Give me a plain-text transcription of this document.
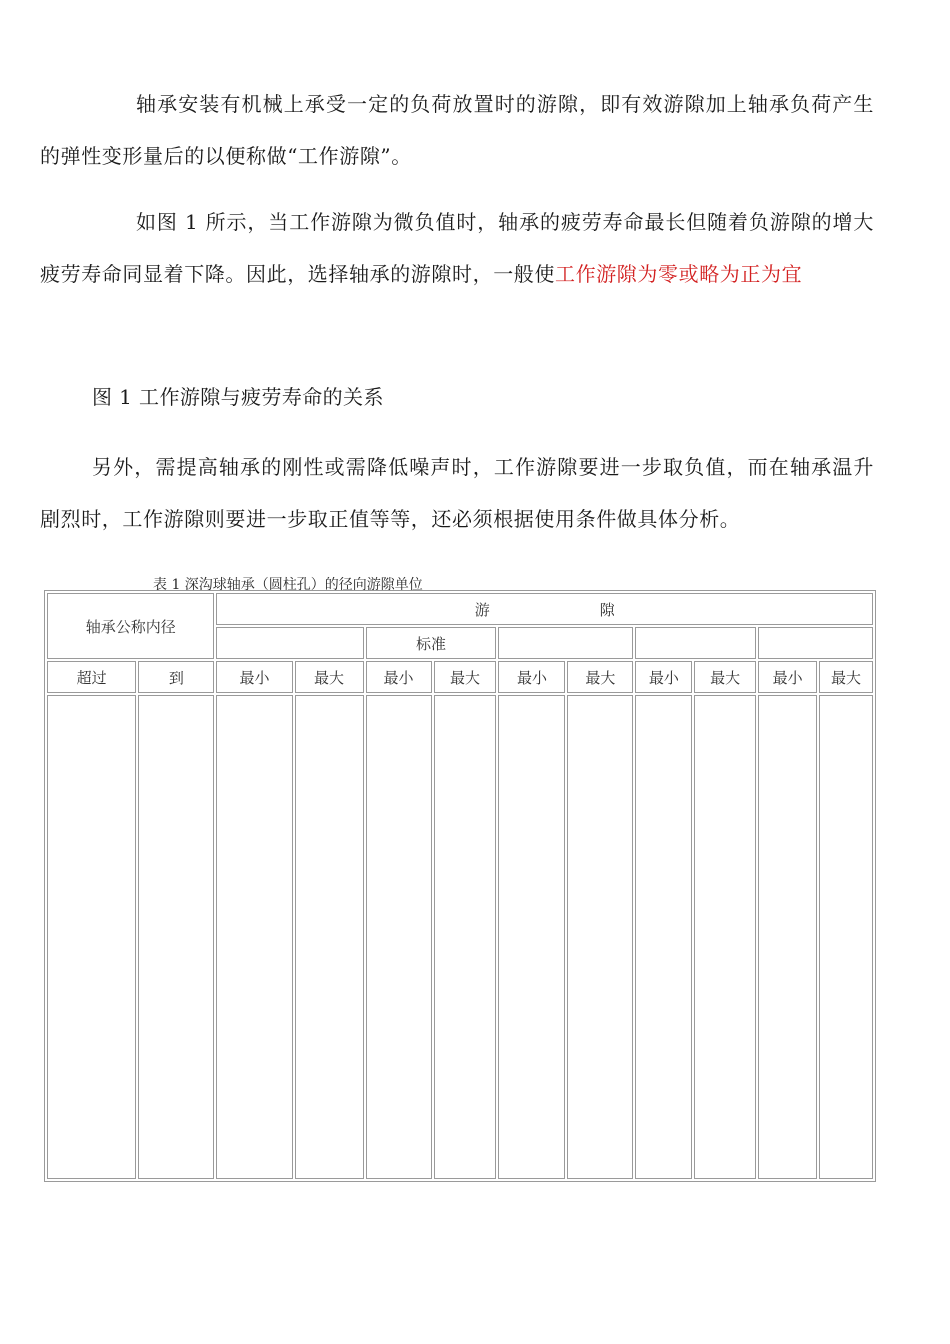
轴承安装有机械上承受一定的负荷放置时的游隙，即有效游隙加上轴承负荷产生的弹性变形量后的以便称做“工作游隙”。

如图 1 所示，当工作游隙为微负值时，轴承的疲劳寿命最长但随着负游隙的增大疲劳寿命同显着下降。因此，选择轴承的游隙时，一般使工作游隙为零或略为正为宜

图 1 工作游隙与疲劳寿命的关系

另外，需提高轴承的刚性或需降低噪声时，工作游隙要进一步取负值，而在轴承温升剧烈时，工作游隙则要进一步取正值等等，还必须根据使用条件做具体分析。

表 1 深沟球轴承（圆柱孔）的径向游隙单位
轴承公称内径		游 隙									
				标准							
超过	到	最小	最大	最小	最大	最小	最大	最小	最大	最小	最大
